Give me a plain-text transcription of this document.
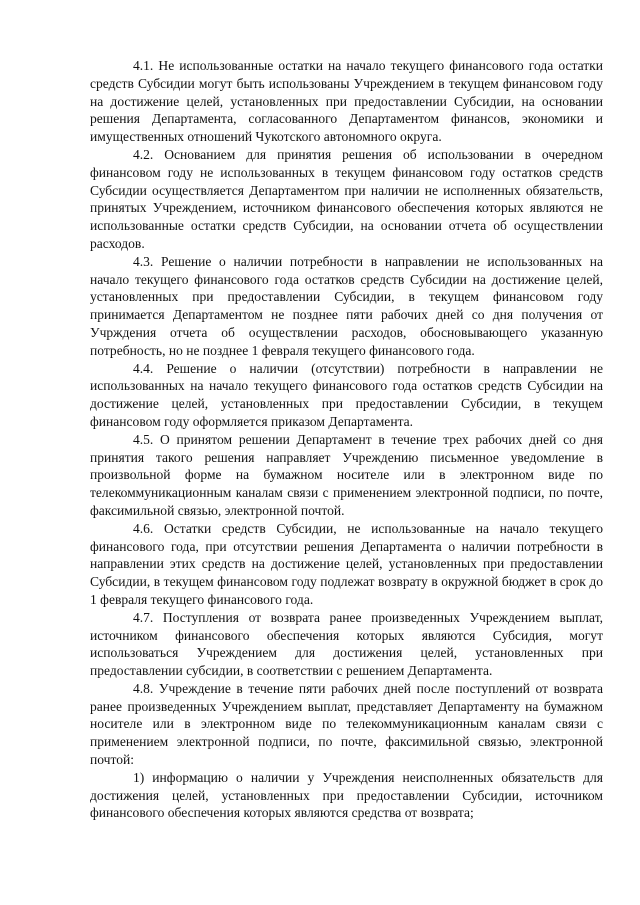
4.1. Не использованные остатки на начало текущего финансового года остатки средств Субсидии могут быть использованы Учреждением в текущем финансовом году на достижение целей, установленных при предоставлении Субсидии, на основании решения Департамента, согласованного Департаментом финансов, экономики и имущественных отношений Чукотского автономного округа.

4.2. Основанием для принятия решения об использовании в очередном финансовом году не использованных в текущем финансовом году остатков средств Субсидии осуществляется Департаментом при наличии не исполненных обязательств, принятых Учреждением, источником финансового обеспечения которых являются не использованные остатки средств Субсидии, на основании отчета об осуществлении расходов.

4.3. Решение о наличии потребности в направлении не использованных на начало текущего финансового года остатков средств Субсидии на достижение целей, установленных при предоставлении Субсидии, в текущем финансовом году принимается Департаментом не позднее пяти рабочих дней со дня получения от Учрждения отчета об осуществлении расходов, обосновывающего указанную потребность, но не позднее 1 февраля текущего финансового года.

4.4. Решение о наличии (отсутствии) потребности в направлении не использованных на начало текущего финансового года остатков средств Субсидии на достижение целей, установленных при предоставлении Субсидии, в текущем финансовом году оформляется приказом Департамента.

4.5. О принятом решении Департамент в течение трех рабочих дней со дня принятия такого решения направляет Учреждению письменное уведомление в произвольной форме на бумажном носителе или в электронном виде по телекоммуникационным каналам связи с применением электронной подписи, по почте, факсимильной связью, электронной почтой.

4.6. Остатки средств Субсидии, не использованные на начало текущего финансового года, при отсутствии решения Департамента о наличии потребности в направлении этих средств на достижение целей, установленных при предоставлении Субсидии, в текущем финансовом году подлежат возврату в окружной бюджет в срок до 1 февраля текущего финансового года.

4.7. Поступления от возврата ранее произведенных Учреждением выплат, источником финансового обеспечения которых являются Субсидия, могут использоваться Учреждением для достижения целей, установленных при предоставлении субсидии, в соответствии с решением Департамента.

4.8. Учреждение в течение пяти рабочих дней после поступлений от возврата ранее произведенных Учреждением выплат, представляет Департаменту на бумажном носителе или в электронном виде по телекоммуникационным каналам связи с применением электронной подписи, по почте, факсимильной связью, электронной почтой:

1) информацию о наличии у Учреждения неисполненных обязательств для достижения целей, установленных при предоставлении Субсидии, источником финансового обеспечения которых являются средства от возврата;
